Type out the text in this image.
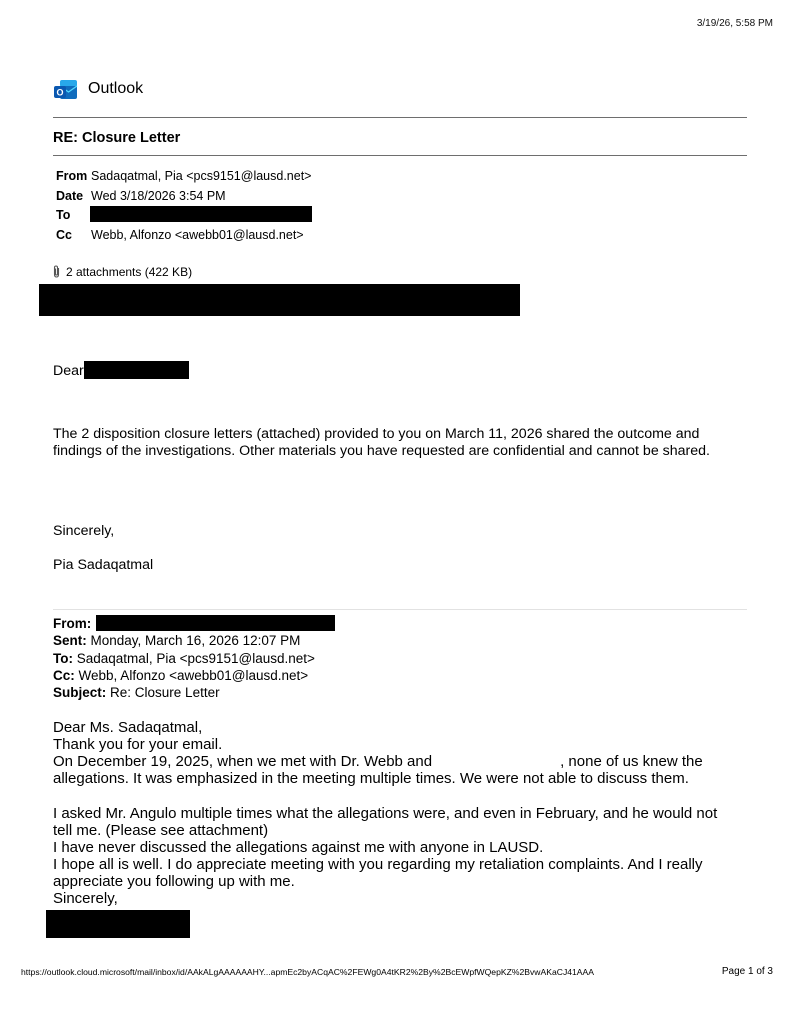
3/19/26, 5:58 PM
O Outlook
RE: Closure Letter
From Sadaqatmal, Pia <pcs9151@lausd.net>
Date Wed 3/18/2026 3:54 PM
To
Cc Webb, Alfonzo <awebb01@lausd.net>
2 attachments (422 KB)
Dear
The 2 disposition closure letters (attached) provided to you on March 11, 2026 shared the outcome and
findings of the investigations. Other materials you have requested are confidential and cannot be shared.
Sincerely,
Pia Sadaqatmal
From:
Sent: Monday, March 16, 2026 12:07 PM
To: Sadaqatmal, Pia <pcs9151@lausd.net>
Cc: Webb, Alfonzo <awebb01@lausd.net>
Subject: Re: Closure Letter
Dear Ms. Sadaqatmal,
Thank you for your email.
On December 19, 2025, when we met with Dr. Webb and	, none of us knew the
allegations. It was emphasized in the meeting multiple times. We were not able to discuss them.
I asked Mr. Angulo multiple times what the allegations were, and even in February, and he would not
tell me. (Please see attachment)
I have never discussed the allegations against me with anyone in LAUSD.
I hope all is well. I do appreciate meeting with you regarding my retaliation complaints. And I really
appreciate you following up with me.
Sincerely,
https://outlook.cloud.microsoft/mail/inbox/id/AAkALgAAAAAAHY...apmEc2byACqAC%2FEWg0A4tKR2%2By%2BcEWpfWQepKZ%2BvwAKaCJ41AAA	Page 1 of 3
